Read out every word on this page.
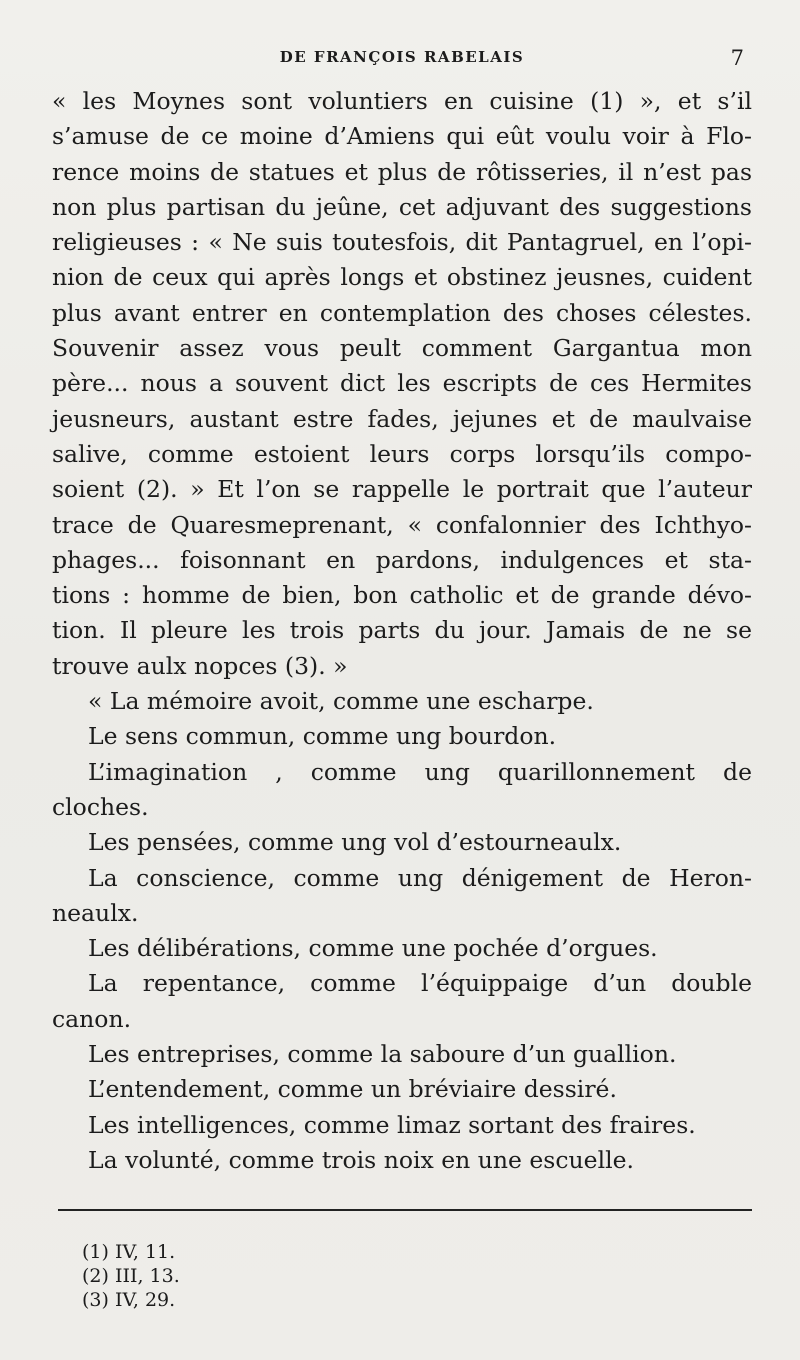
DE FRANÇOIS RABELAIS	7
« les Moynes sont voluntiers en cuisine (1) », et s’il
s’amuse de ce moine d’Amiens qui eût voulu voir à Flo-
rence moins de statues et plus de rôtisseries, il n’est pas
non plus partisan du jeûne, cet adjuvant des suggestions
religieuses : « Ne suis toutesfois, dit Pantagruel, en l’opi-
nion de ceux qui après longs et obstinez jeusnes, cuident
plus avant entrer en contemplation des choses célestes.
Souvenir assez vous peult comment Gargantua mon
père... nous a souvent dict les escripts de ces Hermites
jeusneurs, austant estre fades, jejunes et de maulvaise
salive, comme estoient leurs corps lorsqu’ils compo-
soient (2). » Et l’on se rappelle le portrait que l’auteur
trace de Quaresmeprenant, « confalonnier des Ichthyo-
phages... foisonnant en pardons, indulgences et sta-
tions : homme de bien, bon catholic et de grande dévo-
tion. Il pleure les trois parts du jour. Jamais de ne se
trouve aulx nopces (3). »
« La mémoire avoit, comme une escharpe.
Le sens commun, comme ung bourdon.
L’imagination , comme ung quarillonnement de
cloches.
Les pensées, comme ung vol d’estourneaulx.
La conscience, comme ung dénigement de Heron-
neaulx.
Les délibérations, comme une pochée d’orgues.
La repentance, comme l’équippaige d’un double
canon.
Les entreprises, comme la saboure d’un guallion.
L’entendement, comme un bréviaire dessiré.
Les intelligences, comme limaz sortant des fraires.
La volunté, comme trois noix en une escuelle.
(1) IV, 11.
(2) III, 13.
(3) IV, 29.
